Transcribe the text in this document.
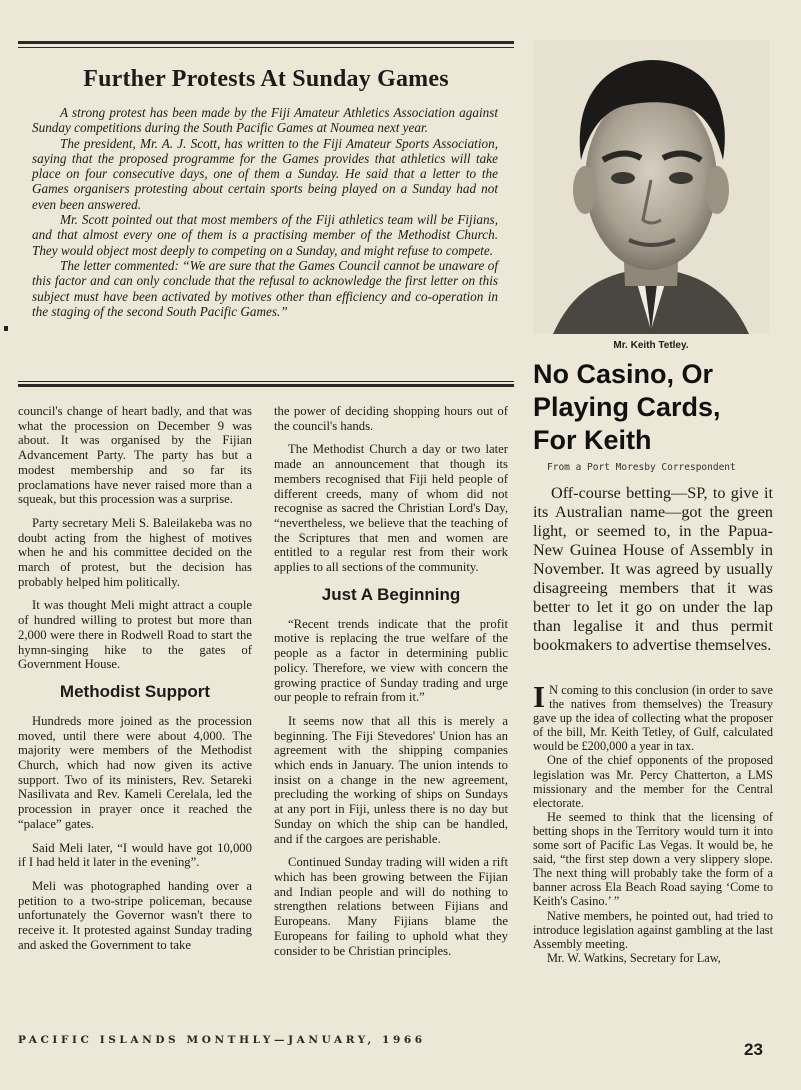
Further Protests At Sunday Games

A strong protest has been made by the Fiji Amateur Athletics Association against Sunday competitions during the South Pacific Games at Noumea next year.

The president, Mr. A. J. Scott, has written to the Fiji Amateur Sports Association, saying that the proposed programme for the Games provides that athletics will take place on four consecutive days, one of them a Sunday. He said that a letter to the Games organisers protesting about certain sports being played on a Sunday had not even been answered.

Mr. Scott pointed out that most members of the Fiji athletics team will be Fijians, and that almost every one of them is a practising member of the Methodist Church. They would object most deeply to competing on a Sunday, and might refuse to compete.

The letter commented: “We are sure that the Games Council cannot be unaware of this factor and can only conclude that the refusal to acknowledge the first letter on this subject must have been activated by motives other than efficiency and co-operation in the staging of the second South Pacific Games.”

Mr. Keith Tetley.
No Casino, Or
Playing Cards,
For Keith
From a Port Moresby Correspondent

Off-course betting—SP, to give it its Australian name—got the green light, or seemed to, in the Papua-New Guinea House of Assembly in November. It was agreed by usually disagreeing members that it was better to let it go on under the lap than legalise it and thus permit bookmakers to advertise themselves.

I N coming to this conclusion (in order to save the natives from themselves) the Treasury gave up the idea of collecting what the proposer of the bill, Mr. Keith Tetley, of Gulf, calculated would be £200,000 a year in tax.

One of the chief opponents of the proposed legislation was Mr. Percy Chatterton, a LMS missionary and the member for the Central electorate.

He seemed to think that the licensing of betting shops in the Territory would turn it into some sort of Pacific Las Vegas. It would be, he said, “the first step down a very slippery slope. The next thing will probably take the form of a banner across Ela Beach Road saying ‘Come to Keith's Casino.’ ”

Native members, he pointed out, had tried to introduce legislation against gambling at the last Assembly meeting.

Mr. W. Watkins, Secretary for Law,

council's change of heart badly, and that was what the procession on December 9 was about. It was organised by the Fijian Advancement Party. The party has but a modest membership and so far its proclamations have never raised more than a squeak, but this procession was a surprise.

Party secretary Meli S. Baleilakeba was no doubt acting from the highest of motives when he and his committee decided on the march of protest, but the decision has probably helped him politically.

It was thought Meli might attract a couple of hundred willing to protest but more than 2,000 were there in Rodwell Road to start the hymn-singing hike to the gates of Government House.

Methodist Support

Hundreds more joined as the procession moved, until there were about 4,000. The majority were members of the Methodist Church, which had now given its active support. Two of its ministers, Rev. Setareki Nasilivata and Rev. Kameli Cerelala, led the procession in prayer once it reached the “palace” gates.

Said Meli later, “I would have got 10,000 if I had held it later in the evening”.

Meli was photographed handing over a petition to a two-stripe policeman, because unfortunately the Governor wasn't there to receive it. It protested against Sunday trading and asked the Government to take

the power of deciding shopping hours out of the council's hands.

The Methodist Church a day or two later made an announcement that though its members recognised that Fiji held people of different creeds, many of whom did not recognise as sacred the Christian Lord's Day, “nevertheless, we believe that the teaching of the Scriptures that men and women are entitled to a regular rest from their work applies to all sections of the community.

Just A Beginning

“Recent trends indicate that the profit motive is replacing the true welfare of the people as a factor in determining public policy. Therefore, we view with concern the growing practice of Sunday trading and urge our people to refrain from it.”

It seems now that all this is merely a beginning. The Fiji Stevedores' Union has an agreement with the shipping companies which ends in January. The union intends to insist on a change in the new agreement, precluding the working of ships on Sundays at any port in Fiji, unless there is no day but Sunday on which the ship can be handled, and if the cargoes are perishable.

Continued Sunday trading will widen a rift which has been growing between the Fijian and Indian people and will do nothing to strengthen relations between Fijians and Europeans. Many Fijians blame the Europeans for failing to uphold what they consider to be Christian principles.

PACIFIC ISLANDS MONTHLY—JANUARY, 1966	23
